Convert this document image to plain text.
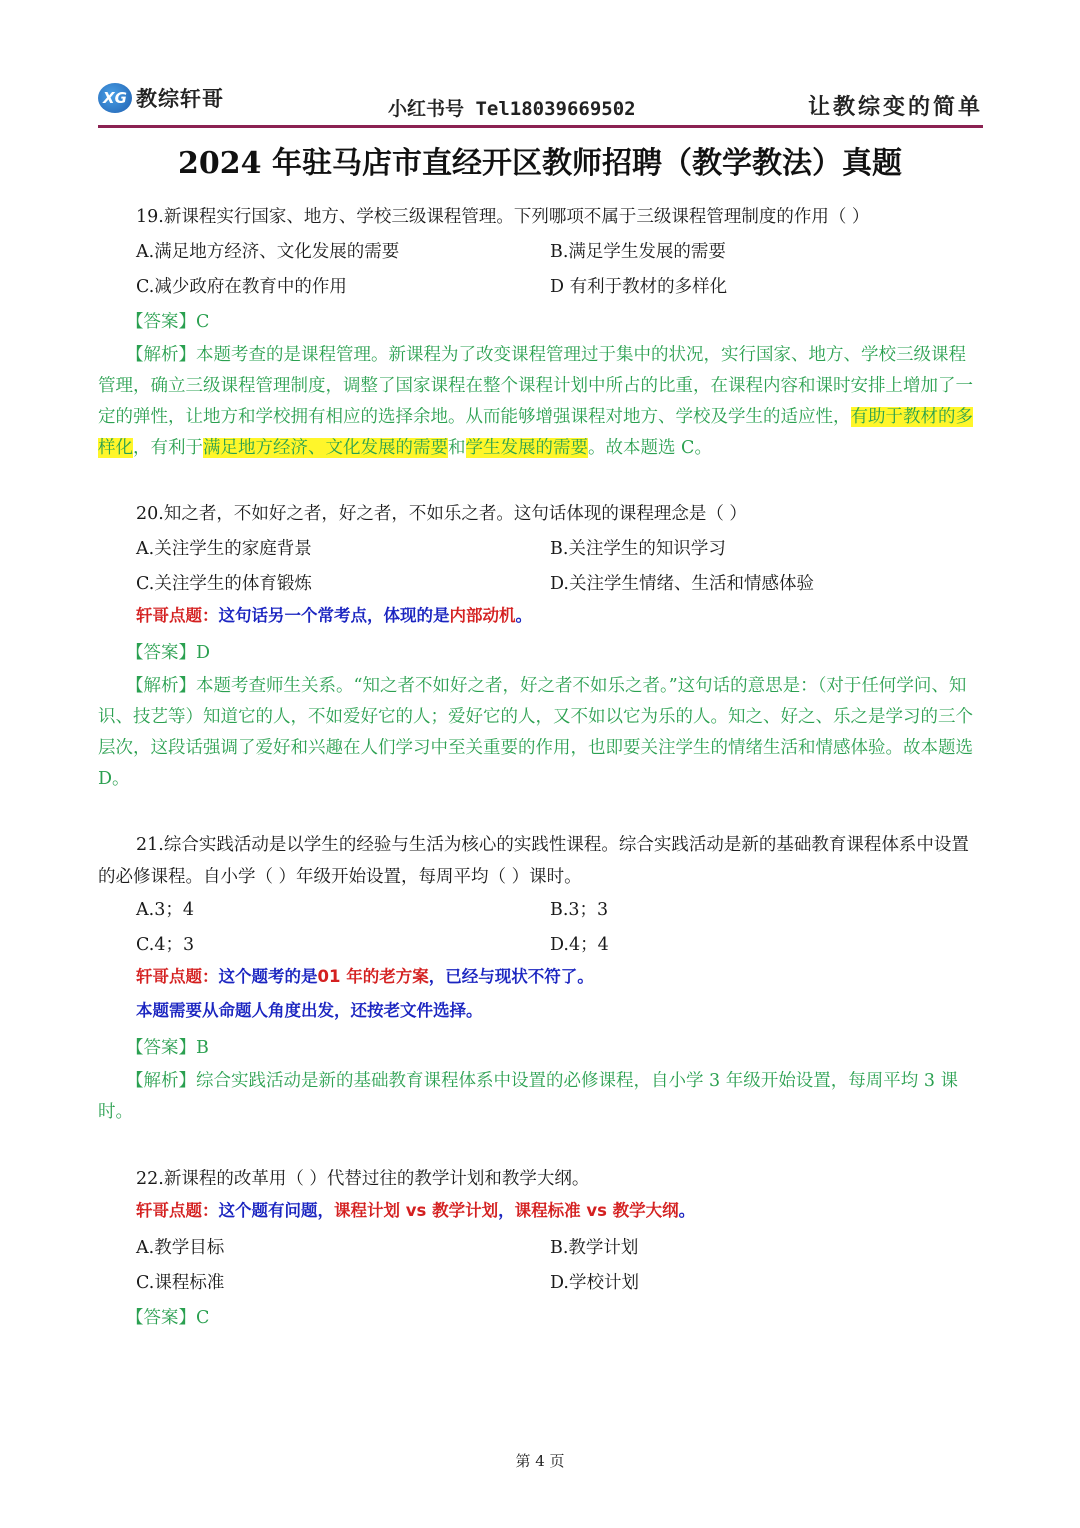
XG 教综轩哥	小红书号 Tel18039669502	让教综变的简单
2024 年驻马店市直经开区教师招聘（教学教法）真题
19.新课程实行国家、地方、学校三级课程管理。下列哪项不属于三级课程管理制度的作用（ ）
A.满足地方经济、文化发展的需要	B.满足学生发展的需要
C.减少政府在教育中的作用	D 有利于教材的多样化
【答案】C

【解析】本题考查的是课程管理。新课程为了改变课程管理过于集中的状况，实行国家、地方、学校三级课程管理，确立三级课程管理制度，调整了国家课程在整个课程计划中所占的比重，在课程内容和课时安排上增加了一定的弹性，让地方和学校拥有相应的选择余地。从而能够增强课程对地方、学校及学生的适应性，有助于教材的多样化，有利于满足地方经济、文化发展的需要和学生发展的需要。故本题选 C。

20.知之者，不如好之者，好之者，不如乐之者。这句话体现的课程理念是（ ）
A.关注学生的家庭背景	B.关注学生的知识学习
C.关注学生的体育锻炼	D.关注学生情绪、生活和情感体验
轩哥点题：这句话另一个常考点，体现的是内部动机。
【答案】D

【解析】本题考查师生关系。“知之者不如好之者，好之者不如乐之者。”这句话的意思是：（对于任何学问、知识、技艺等）知道它的人，不如爱好它的人；爱好它的人，又不如以它为乐的人。知之、好之、乐之是学习的三个层次，这段话强调了爱好和兴趣在人们学习中至关重要的作用，也即要关注学生的情绪生活和情感体验。故本题选 D。

21.综合实践活动是以学生的经验与生活为核心的实践性课程。综合实践活动是新的基础教育课程体系中设置的必修课程。自小学（ ）年级开始设置，每周平均（ ）课时。

A.3；4	B.3；3
C.4；3	D.4；4
轩哥点题：这个题考的是01 年的老方案，已经与现状不符了。
本题需要从命题人角度出发，还按老文件选择。
【答案】B

【解析】综合实践活动是新的基础教育课程体系中设置的必修课程，自小学 3 年级开始设置，每周平均 3 课时。

22.新课程的改革用（ ）代替过往的教学计划和教学大纲。
轩哥点题：这个题有问题，课程计划 vs 教学计划，课程标准 vs 教学大纲。
A.教学目标	B.教学计划
C.课程标准	D.学校计划
【答案】C
第 4 页
